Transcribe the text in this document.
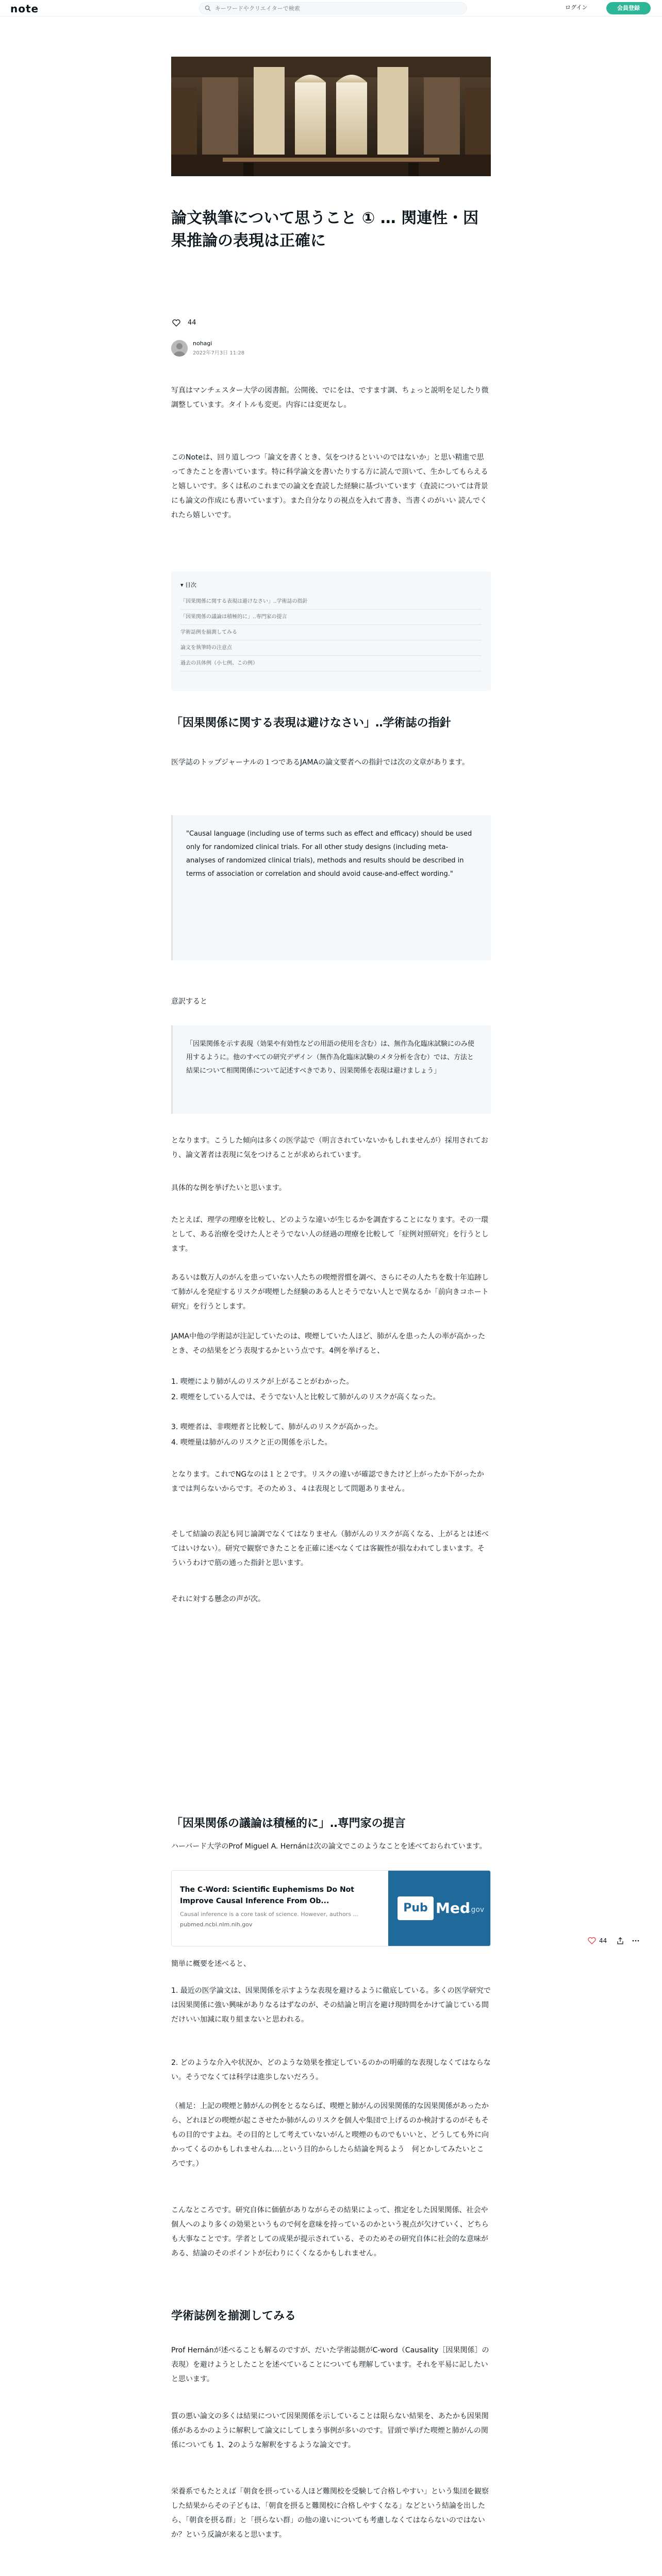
note
キーワードやクリエイターで検索	ログイン	会員登録
論文執筆について思うこと ① … 関連性・因果推論の表現は正確に
44
nohagi
2022年7月3日 11:28
写真はマンチェスター大学の図書館。公開後、でにをは、ですます調、ちょっと説明を足したり微調整しています。タイトルも変更。内容には変更なし。
このNoteは、回り道しつつ「論文を書くとき、気をつけるといいのではないか」と思い精進で思ってきたことを書いています。特に科学論文を書いたりする方に読んで頂いて、生かしてもらえると嬉しいです。多くは私のこれまでの論文を査読した経験に基づいています（査読については背景にも論文の作成にも書いています）。また自分なりの視点を入れて書き、当書くのがいい 読んでくれたら嬉しいです。
▾ 目次
「因果関係に関する表現は避けなさい」‥学術誌の指針
「因果関係の議論は積極的に」‥専門家の提言
学術誌例を揃測してみる
論文を執筆時の注意点
過去の具体例（小七例、この例）
「因果関係に関する表現は避けなさい」‥学術誌の指針
医学誌のトップジャーナルの１つであるJAMAの論文要者への指針では次の文章があります。
"Causal language (including use of terms such as effect and efficacy) should be used only for randomized clinical trials. For all other study designs (including meta-analyses of randomized clinical trials), methods and results should be described in terms of association or correlation and should avoid cause-and-effect wording."
意訳すると
「因果関係を示す表現（効果や有効性などの用語の使用を含む）は、無作為化臨床試験にのみ使用するように。他のすべての研究デザイン（無作為化臨床試験のメタ分析を含む）では、方法と結果について相関関係について記述すべきであり、因果関係を表現は避けましょう」
となります。こうした傾向は多くの医学誌で（明言されていないかもしれませんが）採用されており、論文著者は表現に気をつけることが求められています。
具体的な例を挙げたいと思います。
たとえば、理学の理療を比較し、どのような違いが生じるかを調査することになります。その一環として、ある治療を受けた人とそうでない人の経過の理療を比較して「症例対照研究」を行うとします。
あるいは数万人のがんを患っていない人たちの喫煙習慣を調べ、さらにその人たちを数十年追跡して肺がんを発症するリスクが喫煙した経験のある人とそうでない人とで異なるか「前向きコホート研究」を行うとします。
JAMA中他の学術誌が注記していたのは、喫煙していた人ほど、肺がんを患った人の率が高かったとき、その結果をどう表現するかという点です。4例を挙げると、
1. 喫煙により肺がんのリスクが上がることがわかった。
2. 喫煙をしている人では、そうでない人と比較して肺がんのリスクが高くなった。
3. 喫煙者は、非喫煙者と比較して、肺がんのリスクが高かった。
4. 喫煙量は肺がんのリスクと正の関係を示した。
となります。これでNGなのは１と２です。リスクの違いが確認できたけど上がったか下がったかまでは判らないからです。そのため３、４は表現として問題ありません。
そして結論の表記も同じ論調でなくてはなりません（肺がんのリスクが高くなる、上がるとは述べてはいけない）。研究で観察できたことを正確に述べなくては客観性が損なわれてしまいます。そういうわけで筋の通った指針と思います。
それに対する懸念の声が次。
「因果関係の議論は積極的に」‥専門家の提言
ハーバード大学のProf Miguel A. Hernánは次の論文でこのようなことを述べておられています。
The C-Word: Scientific Euphemisms Do Not Improve Causal Inference From Ob...
Causal inference is a core task of science. However, authors ...
pubmed.ncbi.nlm.nih.gov
Pub Med
.gov
44
簡単に概要を述べると、
1. 最近の医学論文は、因果関係を示すような表現を避けるように徹底している。多くの医学研究では因果関係に強い興味がありなるはずなのが、その結論と明言を避け現時間をかけて論じている間だけいい加減に取り組まないと思われる。
2. どのような介入や状況か、どのような効果を推定しているのかの明確的な表現しなくてはならない。そうでなくては科学は進歩しないだろう。
（補足：上記の喫煙と肺がんの例をとるならば、喫煙と肺がんの因果関係的な因果関係があったから、どれほどの喫煙が起こさせたか肺がんのリスクを個人や集団で上げるのか検討するのがそもそもの目的ですよね。その目的として考えていないがんと喫煙のものでもいいと、どうしても外に向かってくるのかもしれませんね‥‥という目的からしたら結論を判るよう　何とかしてみたいところです。）
こんなところです。研究自体に価値がありながらその結果によって、推定をした因果関係、社会や個人へのより多くの効果というもので何を意味を持っているのかという視点が欠けていく、どちらも大事なことです。学者としての成果が提示されている、そのためその研究自体に社会的な意味がある、結論のそのポイントが伝わりにくくなるかもしれません。
学術誌例を揃測してみる
Prof Hernánが述べることも解るのですが、だいた学術誌側がC-word（Causality［因果関係］の表現）を避けようとしたことを述べていることについても理解しています。それを平易に記したいと思います。
質の悪い論文の多くは結果について因果関係を示していることは限らない結果を、あたかも因果関係があるかのように解釈して論文にしてしまう事例が多いのです。冒頭で挙げた喫煙と肺がんの関係についても 1、2のような解釈をするような論文です。
栄養系でもたとえば「朝食を摂っている人ほど難関校を受験して合格しやすい」という集団を観察した結果からその子どもは、「朝食を摂ると難関校に合格しやすくなる」などという結論を出したら、「朝食を摂る群」と「摂らない群」の他の違いについても考慮しなくてはならないのではないか？という反論が来ると思います。
